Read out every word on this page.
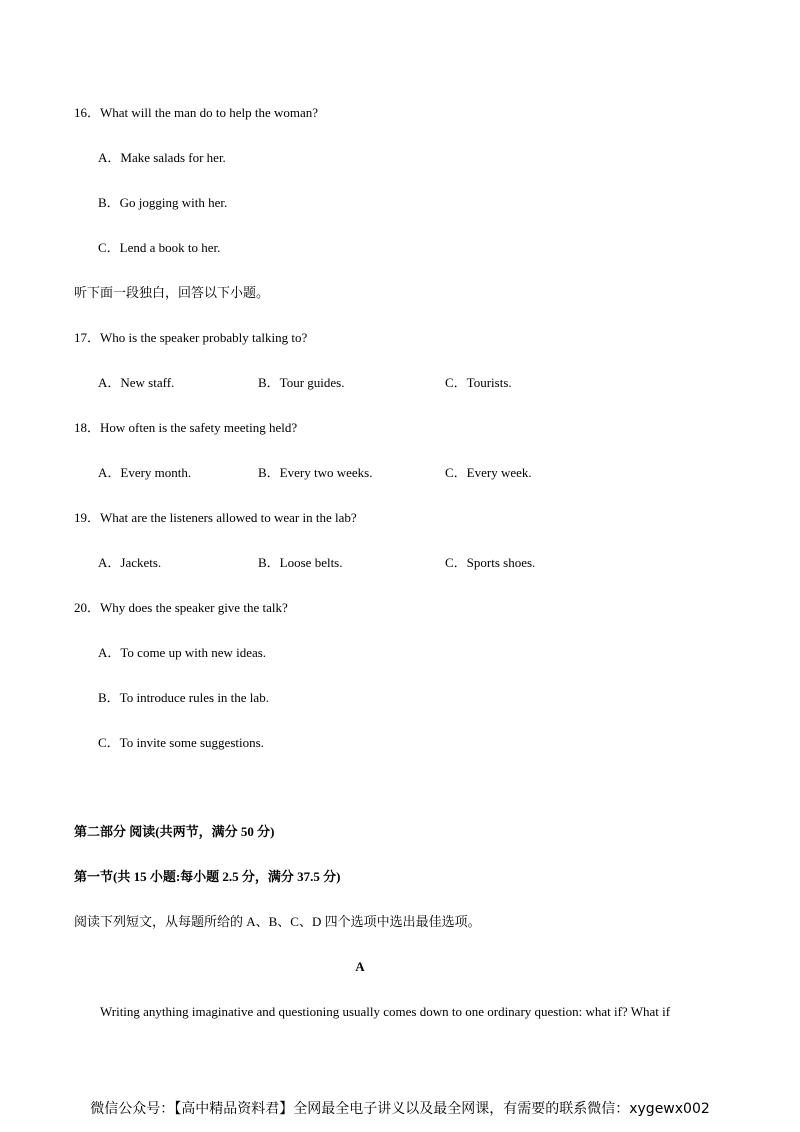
16．What will the man do to help the woman?
A．Make salads for her.
B．Go jogging with her.
C．Lend a book to her.
听下面一段独白，回答以下小题。
17．Who is the speaker probably talking to?
A．New staff.	B．Tour guides.	C．Tourists.
18．How often is the safety meeting held?
A．Every month.	B．Every two weeks.	C．Every week.
19．What are the listeners allowed to wear in the lab?
A．Jackets.	B．Loose belts.	C．Sports shoes.
20．Why does the speaker give the talk?
A．To come up with new ideas.
B．To introduce rules in the lab.
C．To invite some suggestions.
第二部分 阅读(共两节，满分 50 分)
第一节(共 15 小题:每小题 2.5 分，满分 37.5 分)
阅读下列短文，从每题所给的 A、B、C、D 四个选项中选出最佳选项。
A
Writing anything imaginative and questioning usually comes down to one ordinary question: what if? What if
微信公众号：【高中精品资料君】全网最全电子讲义以及最全网课，有需要的联系微信：xygewx002
